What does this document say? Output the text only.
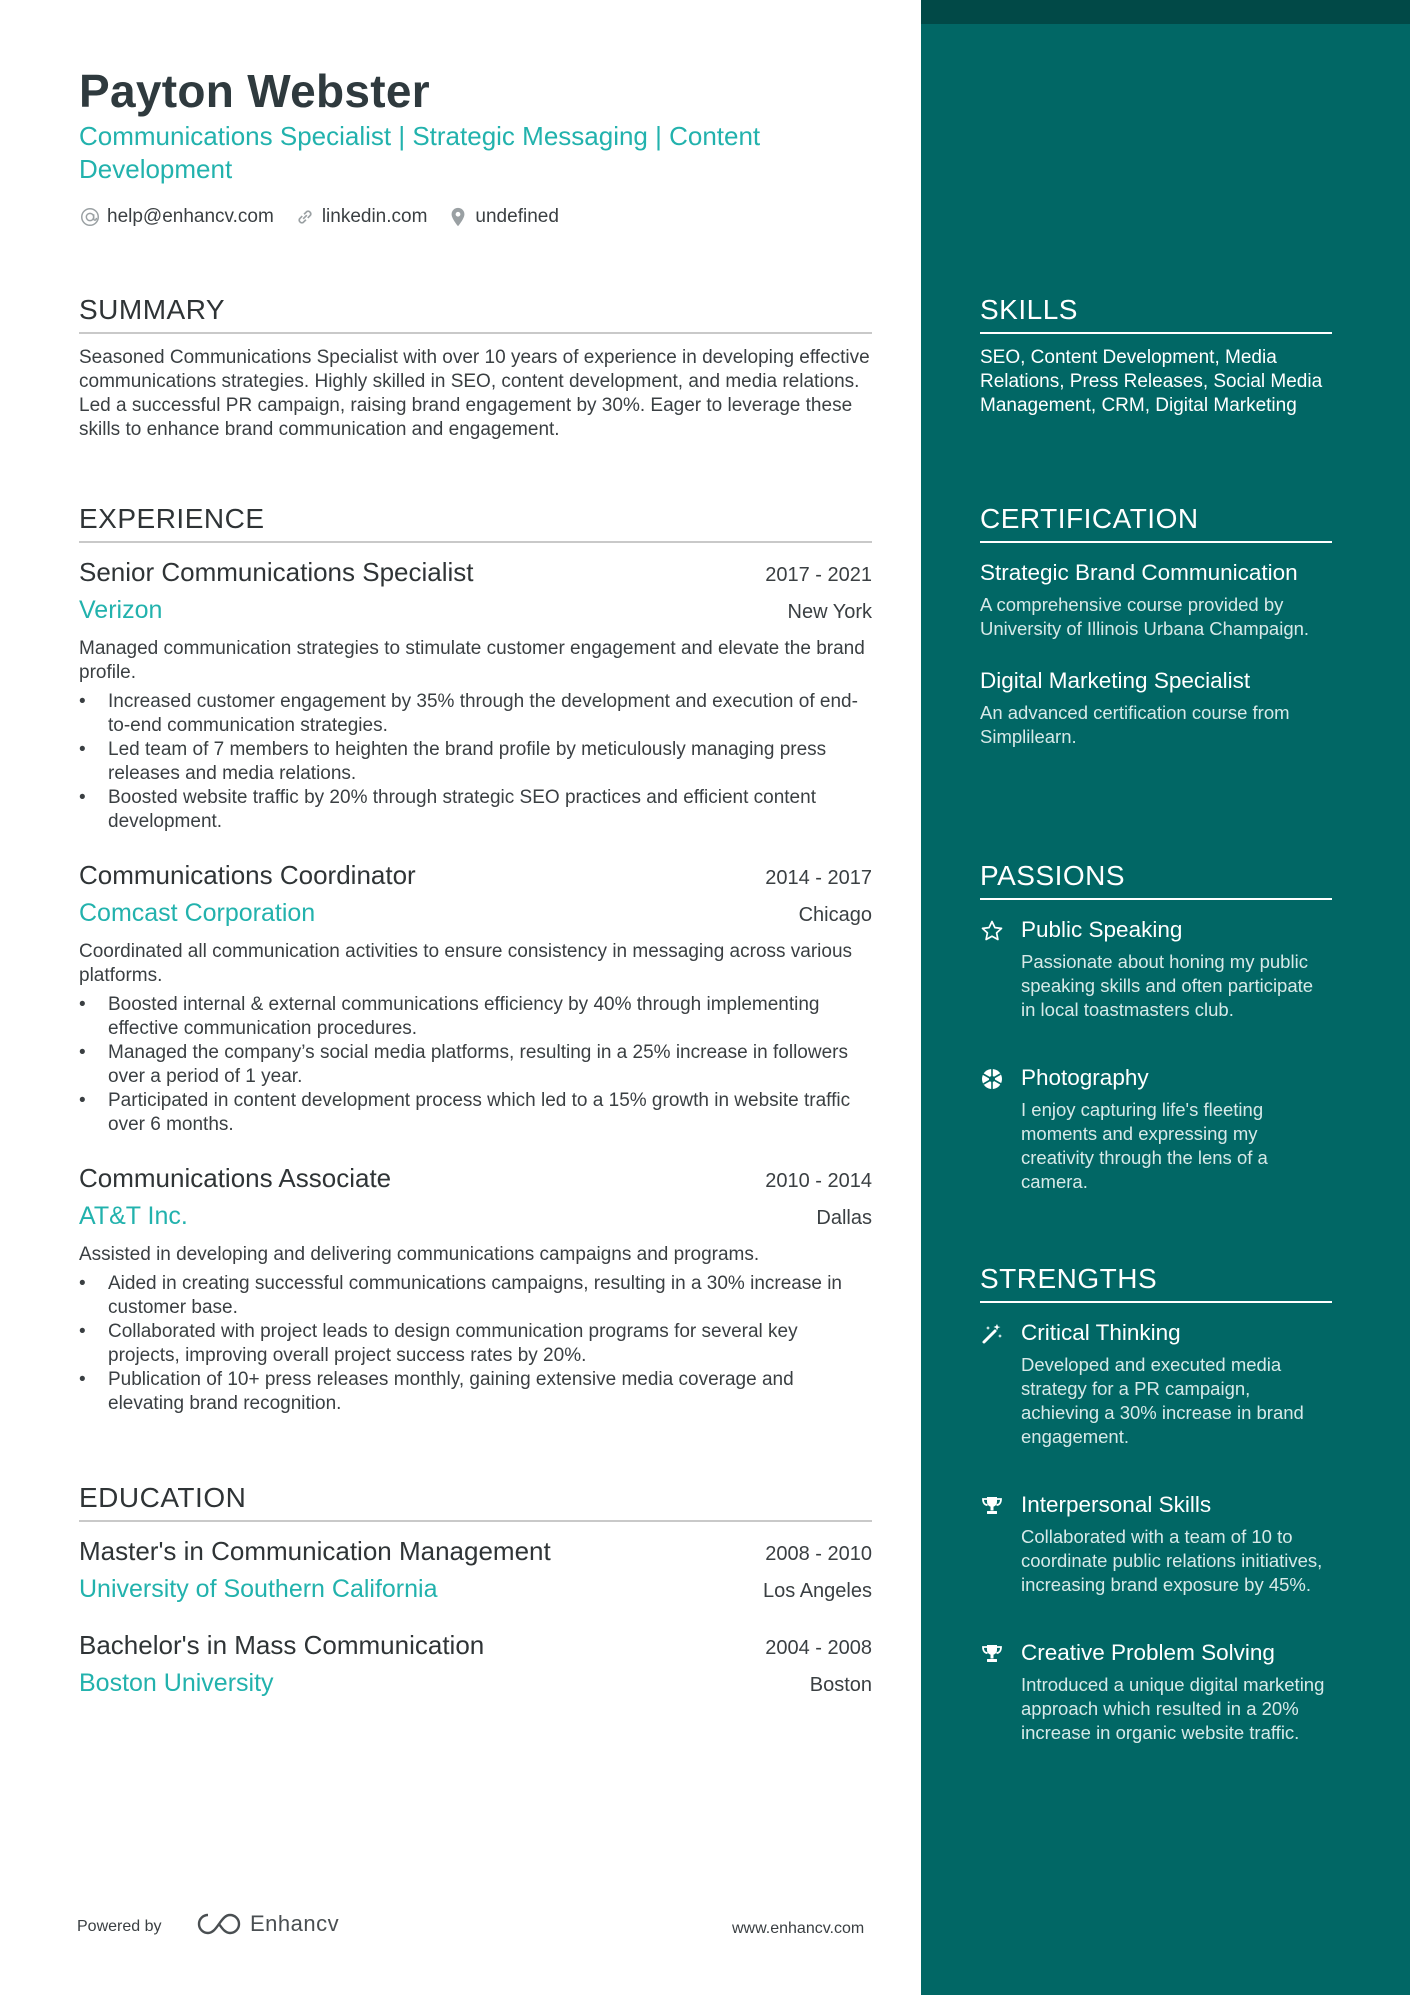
Payton Webster
Communications Specialist | Strategic Messaging | Content Development
help@enhancv.com	linkedin.com	undefined
SUMMARY
Seasoned Communications Specialist with over 10 years of experience in developing effective communications strategies. Highly skilled in SEO, content development, and media relations. Led a successful PR campaign, raising brand engagement by 30%. Eager to leverage these skills to enhance brand communication and engagement.
EXPERIENCE
Senior Communications Specialist	2017 - 2021
Verizon	New York
Managed communication strategies to stimulate customer engagement and elevate the brand profile.
• Increased customer engagement by 35% through the development and execution of end-to-end communication strategies.
• Led team of 7 members to heighten the brand profile by meticulously managing press releases and media relations.
• Boosted website traffic by 20% through strategic SEO practices and efficient content development.
Communications Coordinator	2014 - 2017
Comcast Corporation	Chicago
Coordinated all communication activities to ensure consistency in messaging across various platforms.
• Boosted internal & external communications efficiency by 40% through implementing effective communication procedures.
• Managed the company’s social media platforms, resulting in a 25% increase in followers over a period of 1 year.
• Participated in content development process which led to a 15% growth in website traffic over 6 months.
Communications Associate	2010 - 2014
AT&T Inc.	Dallas
Assisted in developing and delivering communications campaigns and programs.
• Aided in creating successful communications campaigns, resulting in a 30% increase in customer base.
• Collaborated with project leads to design communication programs for several key projects, improving overall project success rates by 20%.
• Publication of 10+ press releases monthly, gaining extensive media coverage and elevating brand recognition.
EDUCATION
Master's in Communication Management	2008 - 2010
University of Southern California	Los Angeles
Bachelor's in Mass Communication	2004 - 2008
Boston University	Boston
SKILLS
SEO, Content Development, Media Relations, Press Releases, Social Media Management, CRM, Digital Marketing
CERTIFICATION
Strategic Brand Communication
A comprehensive course provided by University of Illinois Urbana Champaign.
Digital Marketing Specialist
An advanced certification course from Simplilearn.
PASSIONS
Public Speaking
Passionate about honing my public speaking skills and often participate in local toastmasters club.
Photography
I enjoy capturing life's fleeting moments and expressing my creativity through the lens of a camera.
STRENGTHS
Critical Thinking
Developed and executed media strategy for a PR campaign, achieving a 30% increase in brand engagement.
Interpersonal Skills
Collaborated with a team of 10 to coordinate public relations initiatives, increasing brand exposure by 45%.
Creative Problem Solving
Introduced a unique digital marketing approach which resulted in a 20% increase in organic website traffic.
Powered by	Enhancv	www.enhancv.com
